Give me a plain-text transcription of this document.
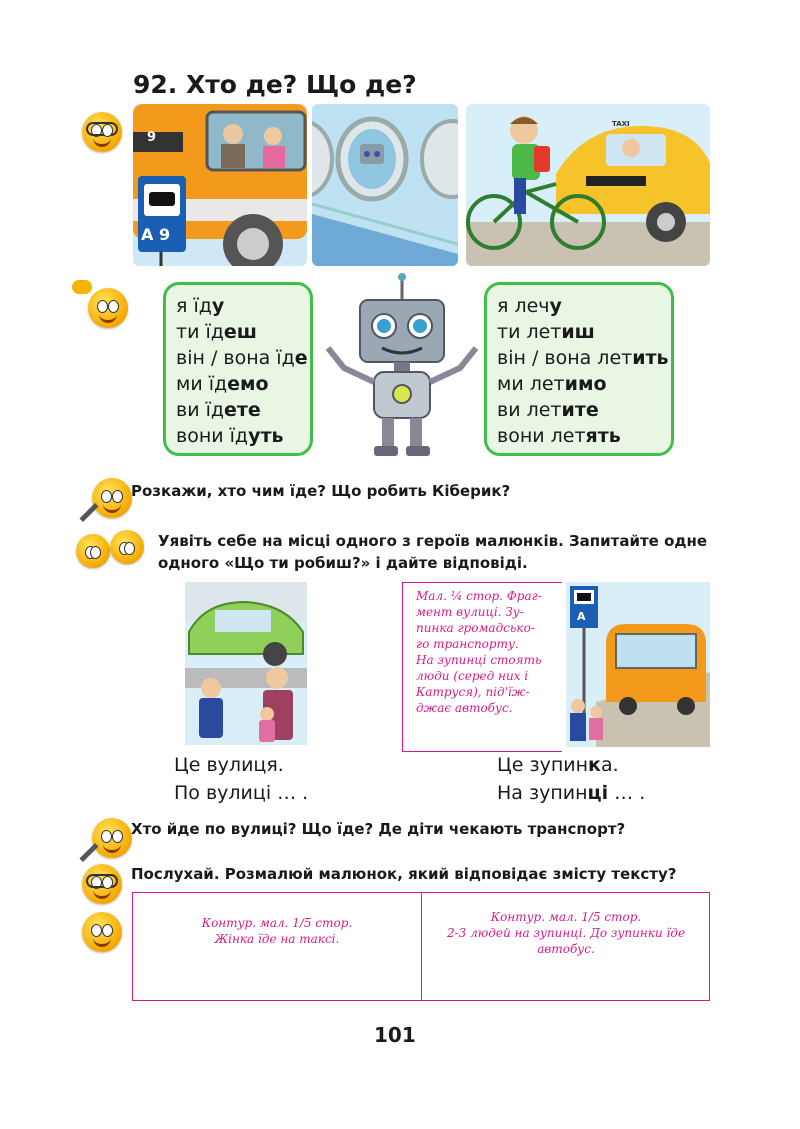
92. Хто де? Що де?
А 9
9
TAXI
я їду
ти їдеш
він / вона їде
ми їдемо
ви їдете
вони їдуть
я лечу
ти летиш
він / вона летить
ми летимо
ви летите
вони летять
Розкажи, хто чим їде? Що робить Кіберик?
Уявіть себе на місці одного з героїв малюнків. Запитайте одне
одного «Що ти робиш?» і дайте відповіді.
Мал. ¼ стор. Фраг-
мент вулиці. Зу-
пинка громадсько-
го транспорту.
На зупинці стоять
люди (серед них і
Катруся), під'їж-
джає автобус.
А
Це вулиця.
По вулиці … .
Це зупинка.
На зупинці … .
Хто йде по вулиці? Що їде? Де діти чекають транспорт?
Послухай. Розмалюй малюнок, який відповідає змісту тексту?
Контур. мал. 1/5 стор.
Жінка їде на таксі.
Контур. мал. 1/5 стор.
2-3 людей на зупинці. До зупинки їде
автобус.
101
